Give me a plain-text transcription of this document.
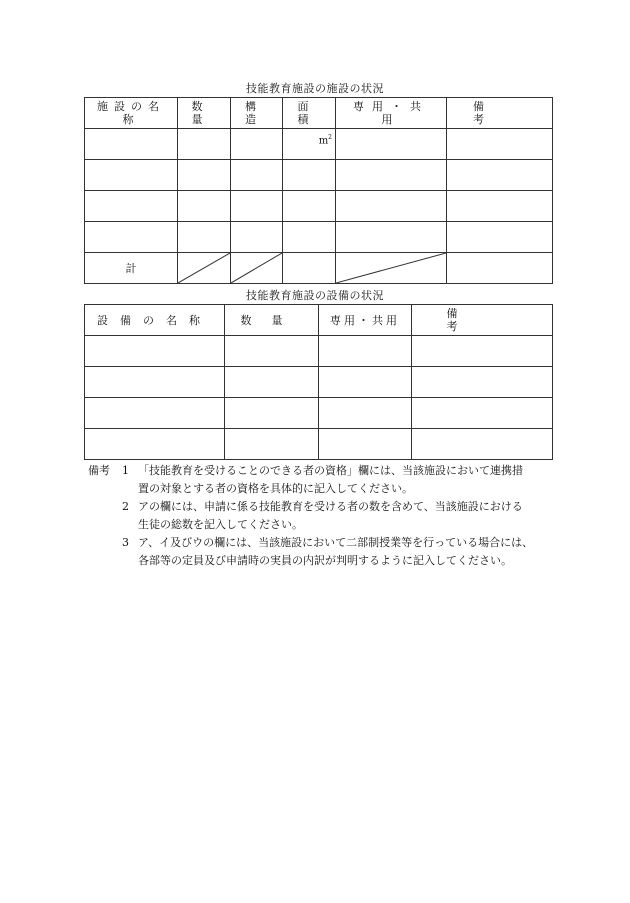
技能教育施設の施設の状況
施設の名称	数量	構造	面積	専用・共用	備考

			$m^2$

計	

技能教育施設の設備の状況
設備の名称	数量	専用・共用	備考

備考	1 「技能教育を受けることのできる者の資格」欄には、当該施設において連携措
置の対象とする者の資格を具体的に記入してください。
2 アの欄には、申請に係る技能教育を受ける者の数を含めて、当該施設における
生徒の総数を記入してください。
3 ア、イ及びウの欄には、当該施設において二部制授業等を行っている場合には、
各部等の定員及び申請時の実員の内訳が判明するように記入してください。
